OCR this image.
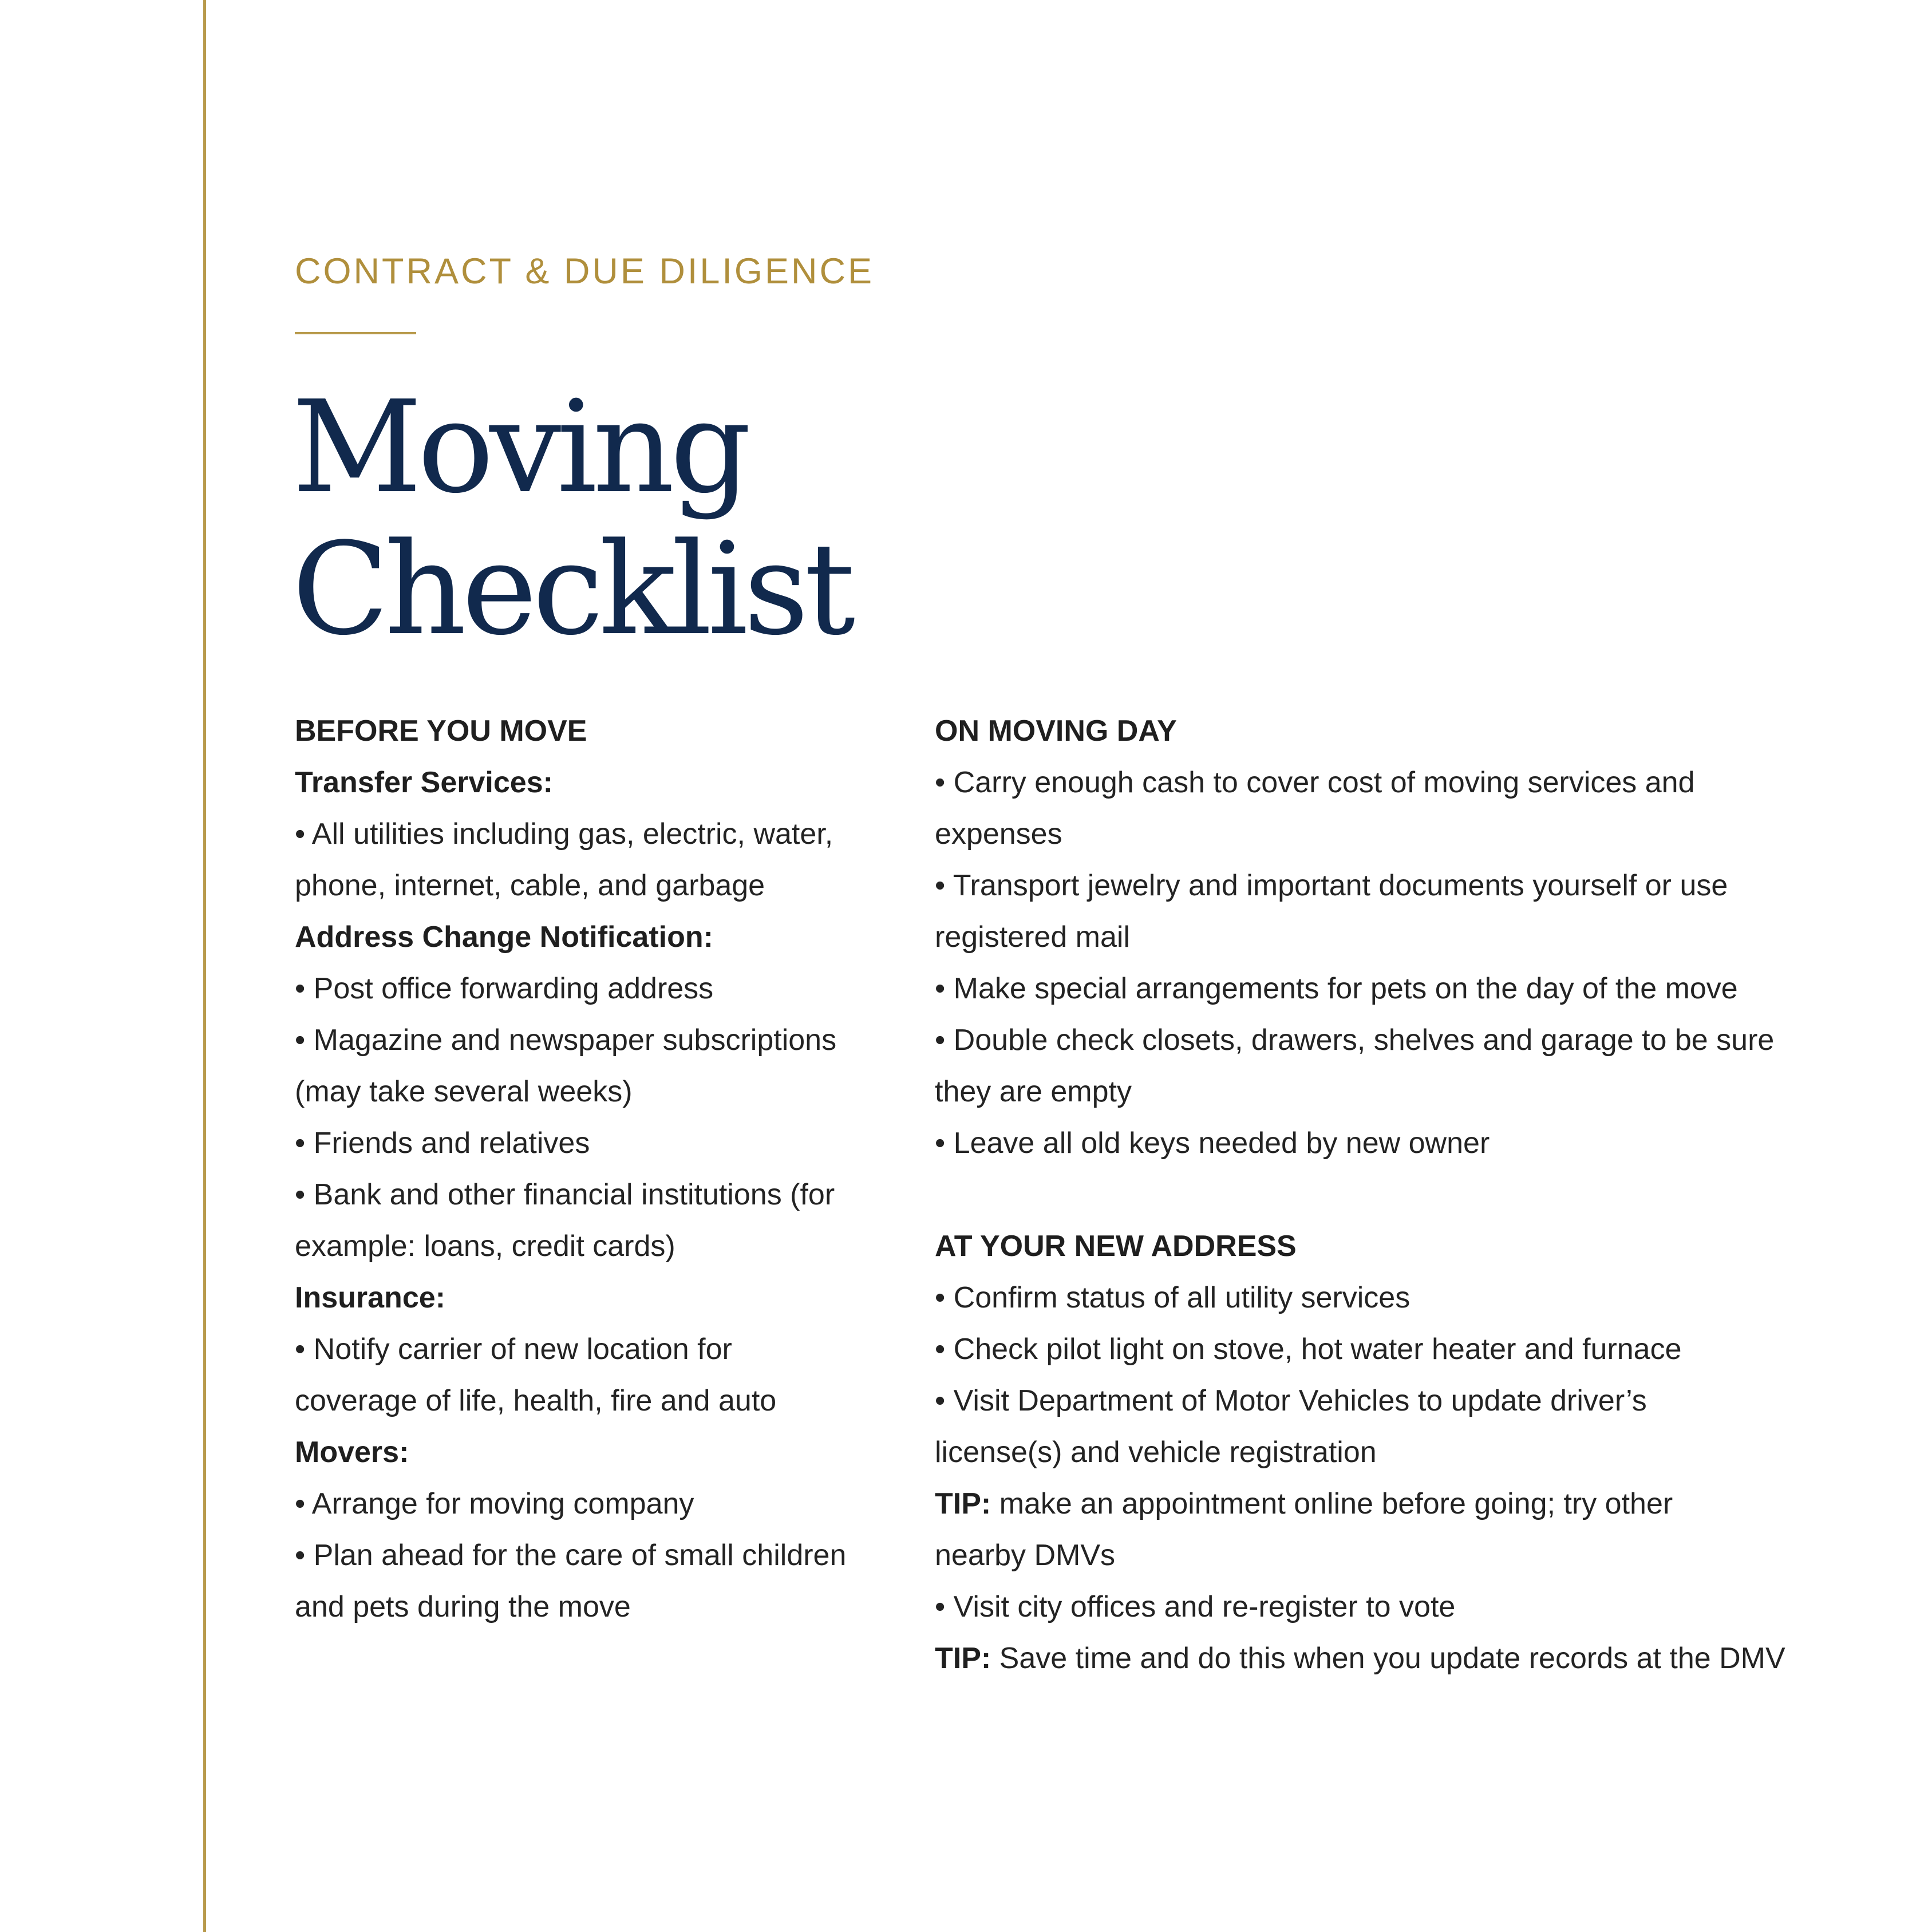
CONTRACT & DUE DILIGENCE
Moving
Checklist
BEFORE YOU MOVE
Transfer Services:
• All utilities including gas, electric, water,
phone, internet, cable, and garbage
Address Change Notification:
• Post office forwarding address
• Magazine and newspaper subscriptions
(may take several weeks)
• Friends and relatives
• Bank and other financial institutions (for
example: loans, credit cards)
Insurance:
• Notify carrier of new location for
coverage of life, health, fire and auto
Movers:
• Arrange for moving company
• Plan ahead for the care of small children
and pets during the move
ON MOVING DAY
• Carry enough cash to cover cost of moving services and
expenses
• Transport jewelry and important documents yourself or use
registered mail
• Make special arrangements for pets on the day of the move
• Double check closets, drawers, shelves and garage to be sure
they are empty
• Leave all old keys needed by new owner
AT YOUR NEW ADDRESS
• Confirm status of all utility services
• Check pilot light on stove, hot water heater and furnace
• Visit Department of Motor Vehicles to update driver’s
license(s) and vehicle registration
TIP: make an appointment online before going; try other
nearby DMVs
• Visit city offices and re-register to vote
TIP: Save time and do this when you update records at the DMV
